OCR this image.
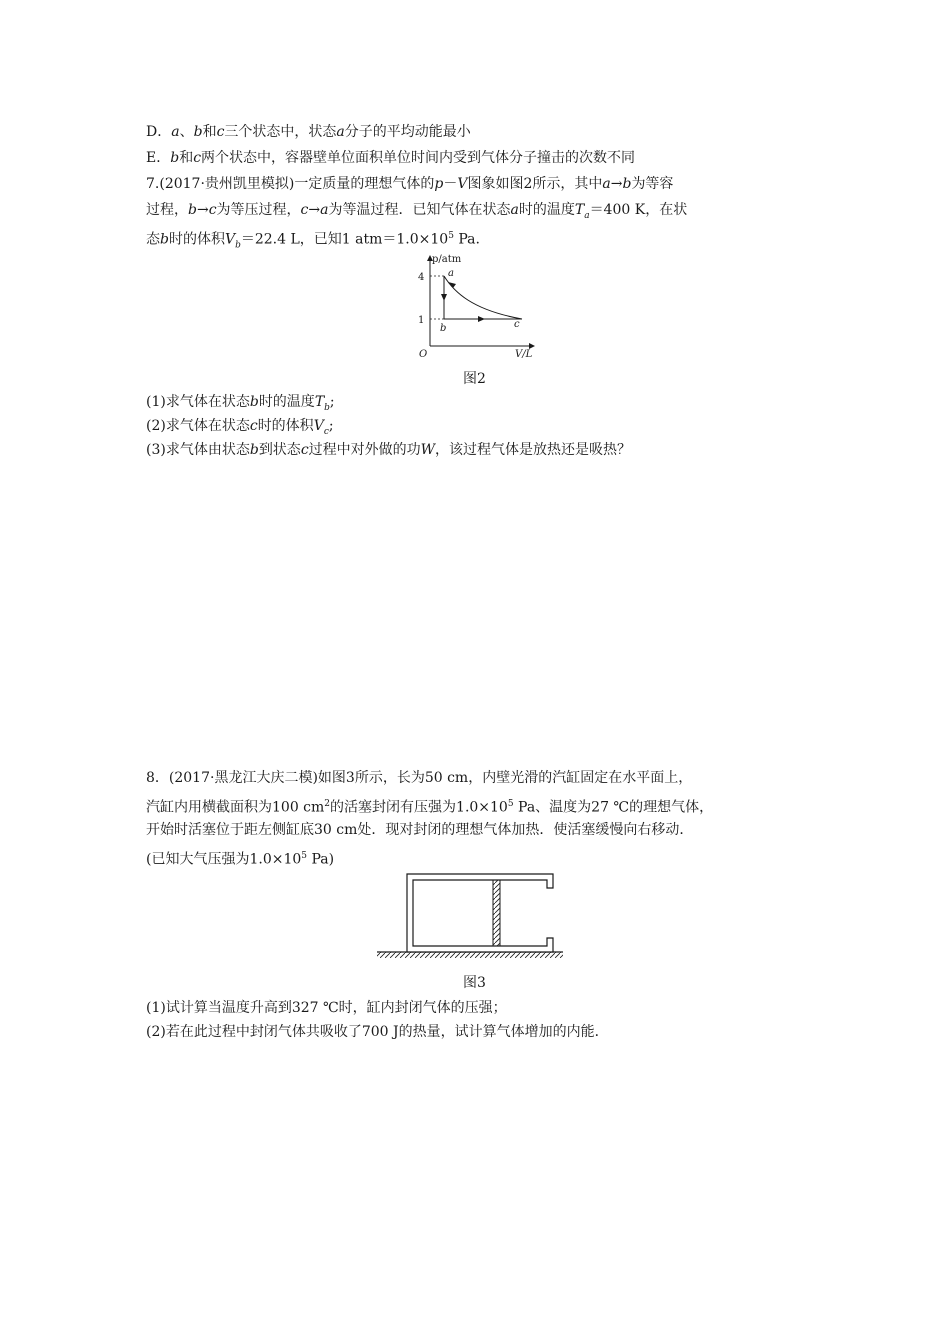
D．a、b和c三个状态中，状态a分子的平均动能最小
E．b和c两个状态中，容器壁单位面积单位时间内受到气体分子撞击的次数不同
7.(2017·贵州凯里模拟)一定质量的理想气体的p－V图象如图2所示，其中a→b为等容
过程，b→c为等压过程，c→a为等温过程．已知气体在状态a时的温度$T_a=400$ K，在状
态b时的体积$V_b=22.4$ L，已知1 $atm=1.0\times 10^5$ Pa.
p/atm
V/L
O
4
1
a
b	c
图2
(1)求气体在状态b时的温度$T_b$;
(2)求气体在状态c时的体积$V_c$;
(3)求气体由状态b到状态c过程中对外做的功W，该过程气体是放热还是吸热？
8．(2017·黑龙江大庆二模)如图3所示，长为50 cm，内壁光滑的汽缸固定在水平面上，
汽缸内用横截面积为100 $cm^2$的活塞封闭有压强为$1.0\times 10^5$ Pa、温度为27 ℃的理想气体，
开始时活塞位于距左侧缸底30 cm处．现对封闭的理想气体加热．使活塞缓慢向右移动．
(已知大气压强为$1.0\times 10^5$ Pa)
图3
(1)试计算当温度升高到327 ℃时，缸内封闭气体的压强；
(2)若在此过程中封闭气体共吸收了700 J的热量，试计算气体增加的内能．
